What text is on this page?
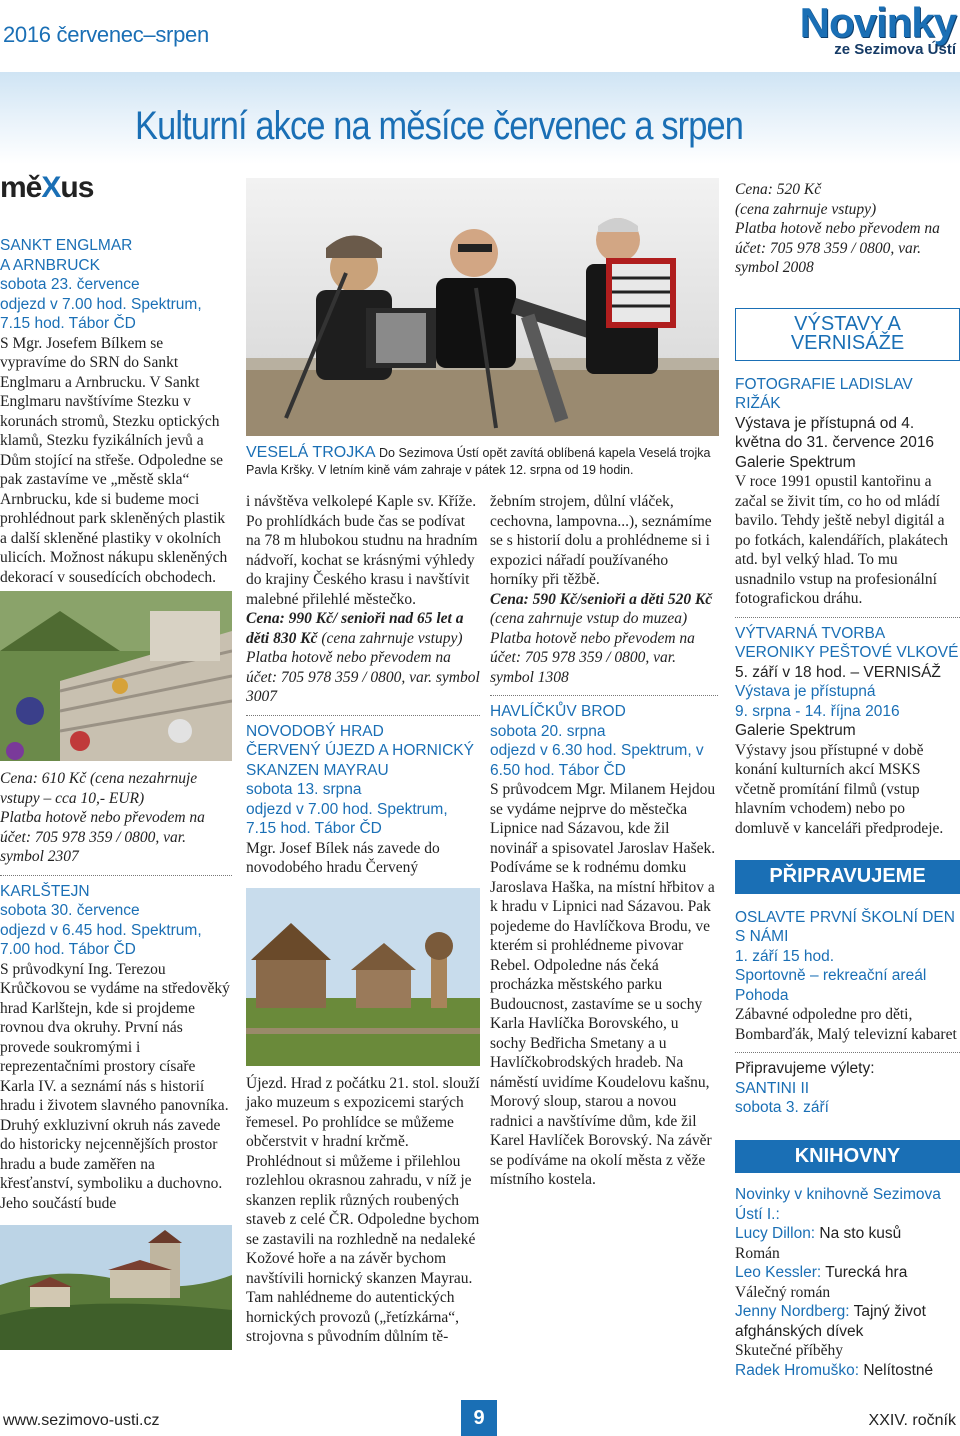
2016 červenec–srpen	Novinky
ze Sezimova Ústí
Kulturní akce na měsíce červenec a srpen
měXus
SANKT ENGLMAR
A ARNBRUCK
sobota 23. července
odjezd v 7.00 hod. Spektrum,
7.15 hod. Tábor ČD

S Mgr. Josefem Bílkem se vypravíme do SRN do Sankt Englmaru a Arnbrucku. V Sankt Englmaru navštívíme Stezku v korunách stromů, Stezku optických klamů, Stezku fyzikálních jevů a Dům stojící na střeše. Odpoledne se pak zastavíme ve „městě skla“ Arnbrucku, kde si budeme moci prohlédnout park skleněných plastik a další skleněné plastiky v okolních ulicích. Možnost nákupu skleněných dekorací v sousedících obchodech.

Cena: 610 Kč (cena nezahrnuje vstupy – cca 10,- EUR)

Platba hotově nebo převodem na účet: 705 978 359 / 0800, var. symbol 2307

KARLŠTEJN
sobota 30. července
odjezd v 6.45 hod. Spektrum, 7.00 hod. Tábor ČD

S průvodkyní Ing. Terezou Krůčkovou se vydáme na středověký hrad Karlštejn, kde si projdeme rovnou dva okruhy. První nás provede soukromými i reprezentačními prostory císaře Karla IV. a seznámí nás s historií hradu i životem slavného panovníka. Druhý exkluzivní okruh nás zavede do historicky nejcennějších prostor hradu a bude zaměřen na křesťanství, symboliku a duchovno. Jeho součástí bude

VESELÁ TROJKA Do Sezimova Ústí opět zavítá oblíbená kapela Veselá trojka Pavla Kršky. V letním kině vám zahraje v pátek 12. srpna od 19 hodin.

i návštěva velkolepé Kaple sv. Kříže. Po prohlídkách bude čas se podívat na 78 m hlubokou studnu na hradním nádvoří, kochat se krásnými výhledy do krajiny Českého krasu i navštívit malebné přilehlé městečko.

Cena: 990 Kč/ senioři nad 65 let a děti 830 Kč (cena zahrnuje vstupy)

Platba hotově nebo převodem na účet: 705 978 359 / 0800, var. symbol 3007

NOVODOBÝ HRAD
ČERVENÝ ÚJEZD A HORNICKÝ SKANZEN MAYRAU
sobota 13. srpna
odjezd v 7.00 hod. Spektrum, 7.15 hod. Tábor ČD

Mgr. Josef Bílek nás zavede do novodobého hradu Červený

Újezd. Hrad z počátku 21. stol. slouží jako muzeum s expozicemi starých řemesel. Po prohlídce se můžeme občerstvit v hradní krčmě. Prohlédnout si můžeme i přilehlou rozlehlou okrasnou zahradu, v níž je skanzen replik různých roubených staveb z celé ČR. Odpoledne bychom se zastavili na rozhledně na nedaleké Kožové hoře a na závěr bychom navštívili hornický skanzen Mayrau. Tam nahlédneme do autentických hornických provozů („řetízkárna“, strojovna s původním důlním tě-

žebním strojem, důlní vláček, cechovna, lampovna...), seznámíme se s historií dolu a prohlédneme si i expozici nářadí používaného horníky při těžbě.

Cena: 590 Kč/senioři a děti 520 Kč

(cena zahrnuje vstup do muzea)

Platba hotově nebo převodem na účet: 705 978 359 / 0800, var. symbol 1308

HAVLÍČKŮV BROD
sobota 20. srpna
odjezd v 6.30 hod. Spektrum, v 6.50 hod. Tábor ČD

S průvodcem Mgr. Milanem Hejdou se vydáme nejprve do městečka Lipnice nad Sázavou, kde žil novinář a spisovatel Jaroslav Hašek. Podíváme se k rodnému domku Jaroslava Haška, na místní hřbitov a k hradu v Lipnici nad Sázavou. Pak pojedeme do Havlíčkova Brodu, ve kterém si prohlédneme pivovar Rebel. Odpoledne nás čeká procházka městského parku Budoucnost, zastavíme se u sochy Karla Havlíčka Borovského, u sochy Bedřicha Smetany a u Havlíčkobrodských hradeb. Na náměstí uvidíme Koudelovu kašnu, Morový sloup, starou a novou radnici a navštívíme dům, kde žil Karel Havlíček Borovský. Na závěr se podíváme na okolí města z věže místního kostela.

Cena: 520 Kč

(cena zahrnuje vstupy)

Platba hotově nebo převodem na účet: 705 978 359 / 0800, var. symbol 2008

VÝSTAVY A VERNISÁŽE
FOTOGRAFIE LADISLAV RIŽÁK
Výstava je přístupná od 4. května do 31. července 2016
Galerie Spektrum

V roce 1991 opustil kantořinu a začal se živit tím, co ho od mládí bavilo. Tehdy ještě nebyl digitál a po fotkách, kalendářích, plakátech atd. byl velký hlad. To mu usnadnilo vstup na profesionální fotografickou dráhu.

VÝTVARNÁ TVORBA VERONIKY PEŠTOVÉ VLKOVÉ
5. září v 18 hod. – VERNISÁŽ
Výstava je přístupná
9. srpna - 14. října 2016
Galerie Spektrum

Výstavy jsou přístupné v době konání kulturních akcí MSKS včetně promítání filmů (vstup hlavním vchodem) nebo po domluvě v kanceláři předprodeje.

PŘIPRAVUJEME
OSLAVTE PRVNÍ ŠKOLNÍ DEN S NÁMI
1. září 15 hod.
Sportovně – rekreační areál Pohoda

Zábavné odpoledne pro děti, Bombarďák, Malý televizní kabaret

Připravujeme výlety:
SANTINI II
sobota 3. září
KNIHOVNY
Novinky v knihovně Sezimova Ústí I.:
Lucy Dillon: Na sto kusů
Román
Leo Kessler: Turecká hra
Válečný román
Jenny Nordberg: Tajný život afghánských dívek
Skutečné příběhy
Radek Hromuško: Nelítostné
www.sezimovo-usti.cz	9	XXIV. ročník
